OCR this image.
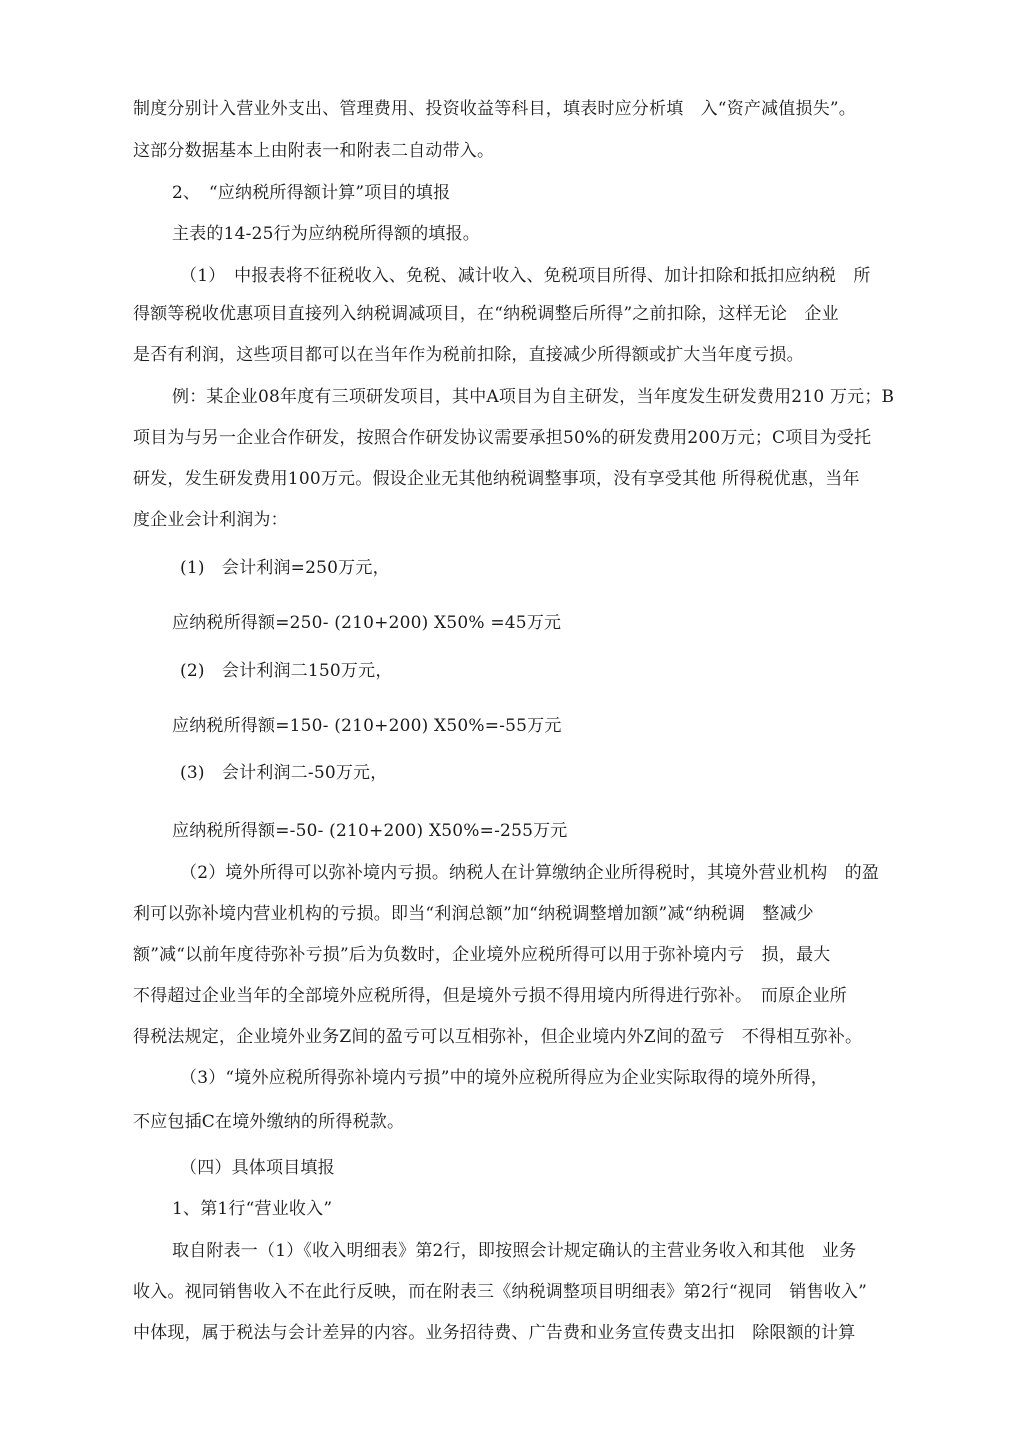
制度分别计入营业外支出、管理费用、投资收益等科目，填表时应分析填　入“资产减值损失”。
这部分数据基本上由附表一和附表二自动带入。
2、　“应纳税所得额计算”项目的填报
主表的14-25行为应纳税所得额的填报。
（1）　中报表将不征税收入、免税、减计收入、免税项目所得、加计扣除和抵扣应纳税　所
得额等税收优惠项目直接列入纳税调减项目，在“纳税调整后所得”之前扣除，这样无论　企业
是否有利润，这些项目都可以在当年作为税前扣除，直接减少所得额或扩大当年度亏损。
例：某企业08年度有三项研发项目，其中A项目为自主研发，当年度发生研发费用210 万元；B
项目为与另一企业合作研发，按照合作研发协议需要承担50%的研发费用200万元；C项目为受托
研发，发生研发费用100万元。假设企业无其他纳税调整事项，没有享受其他 所得税优惠，当年
度企业会计利润为：
(1)　会计利润=250万元，
应纳税所得额=250- (210+200) X50% =45万元
(2)　会计利润二150万元，
应纳税所得额=150- (210+200) X50%=-55万元
(3)　会计利润二-50万元，
应纳税所得额=-50- (210+200) X50%=-255万元
（2）境外所得可以弥补境内亏损。纳税人在计算缴纳企业所得税时，其境外营业机构　的盈
利可以弥补境内营业机构的亏损。即当“利润总额”加“纳税调整增加额”减“纳税调　整减少
额”减“以前年度待弥补亏损”后为负数时，企业境外应税所得可以用于弥补境内亏　损，最大
不得超过企业当年的全部境外应税所得，但是境外亏损不得用境内所得进行弥补。　而原企业所
得税法规定，企业境外业务Z间的盈亏可以互相弥补，但企业境内外Z间的盈亏　不得相互弥补。
（3）“境外应税所得弥补境内亏损”中的境外应税所得应为企业实际取得的境外所得，
不应包插C在境外缴纳的所得税款。
（四）具体项目填报
1、第1行“营业收入”
取自附表一（1）《收入明细表》第2行，即按照会计规定确认的主营业务收入和其他　业务
收入。视同销售收入不在此行反映，而在附表三《纳税调整项目明细表》第2行“视同　销售收入”
中体现，属于税法与会计差异的内容。业务招待费、广告费和业务宣传费支出扣　除限额的计算
